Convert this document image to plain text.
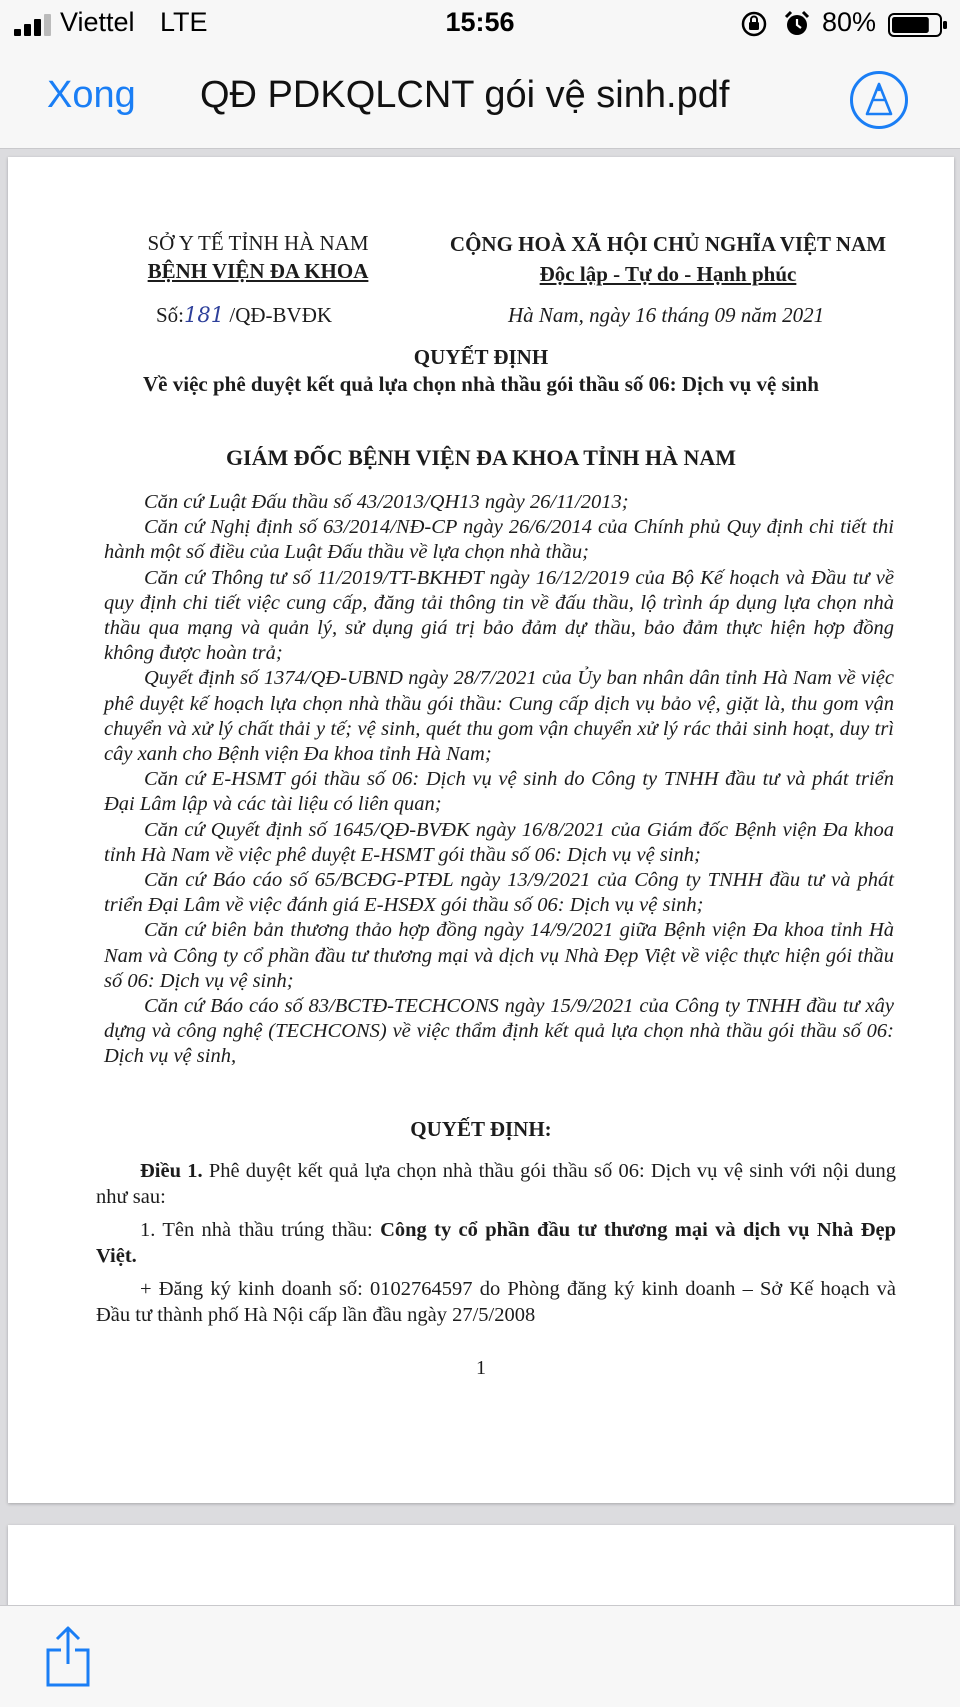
Viettel LTE	15:56	80%
Xong QĐ PDKQLCNT gói vệ sinh.pdf
SỞ Y TẾ TỈNH HÀ NAM
BỆNH VIỆN ĐA KHOA
CỘNG HOÀ XÃ HỘI CHỦ NGHĨA VIỆT NAM
Độc lập - Tự do - Hạnh phúc
Số:181 /QĐ-BVĐK	Hà Nam, ngày 16 tháng 09 năm 2021
QUYẾT ĐỊNH
Về việc phê duyệt kết quả lựa chọn nhà thầu gói thầu số 06: Dịch vụ vệ sinh
GIÁM ĐỐC BỆNH VIỆN ĐA KHOA TỈNH HÀ NAM

Căn cứ Luật Đấu thầu số 43/2013/QH13 ngày 26/11/2013;

Căn cứ Nghị định số 63/2014/NĐ-CP ngày 26/6/2014 của Chính phủ Quy định chi tiết thi hành một số điều của Luật Đấu thầu về lựa chọn nhà thầu;

Căn cứ Thông tư số 11/2019/TT-BKHĐT ngày 16/12/2019 của Bộ Kế hoạch và Đầu tư về quy định chi tiết việc cung cấp, đăng tải thông tin về đấu thầu, lộ trình áp dụng lựa chọn nhà thầu qua mạng và quản lý, sử dụng giá trị bảo đảm dự thầu, bảo đảm thực hiện hợp đồng không được hoàn trả;

Quyết định số 1374/QĐ-UBND ngày 28/7/2021 của Ủy ban nhân dân tỉnh Hà Nam về việc phê duyệt kế hoạch lựa chọn nhà thầu gói thầu: Cung cấp dịch vụ bảo vệ, giặt là, thu gom vận chuyển và xử lý chất thải y tế; vệ sinh, quét thu gom vận chuyển xử lý rác thải sinh hoạt, duy trì cây xanh cho Bệnh viện Đa khoa tỉnh Hà Nam;

Căn cứ E-HSMT gói thầu số 06: Dịch vụ vệ sinh do Công ty TNHH đầu tư và phát triển Đại Lâm lập và các tài liệu có liên quan;

Căn cứ Quyết định số 1645/QĐ-BVĐK ngày 16/8/2021 của Giám đốc Bệnh viện Đa khoa tỉnh Hà Nam về việc phê duyệt E-HSMT gói thầu số 06: Dịch vụ vệ sinh;

Căn cứ Báo cáo số 65/BCĐG-PTĐL ngày 13/9/2021 của Công ty TNHH đầu tư và phát triển Đại Lâm về việc đánh giá E-HSĐX gói thầu số 06: Dịch vụ vệ sinh;

Căn cứ biên bản thương thảo hợp đồng ngày 14/9/2021 giữa Bệnh viện Đa khoa tỉnh Hà Nam và Công ty cổ phần đầu tư thương mại và dịch vụ Nhà Đẹp Việt về việc thực hiện gói thầu số 06: Dịch vụ vệ sinh;

Căn cứ Báo cáo số 83/BCTĐ-TECHCONS ngày 15/9/2021 của Công ty TNHH đầu tư xây dựng và công nghệ (TECHCONS) về việc thẩm định kết quả lựa chọn nhà thầu gói thầu số 06: Dịch vụ vệ sinh,

QUYẾT ĐỊNH:

Điều 1. Phê duyệt kết quả lựa chọn nhà thầu gói thầu số 06: Dịch vụ vệ sinh với nội dung như sau:

1. Tên nhà thầu trúng thầu: Công ty cổ phần đầu tư thương mại và dịch vụ Nhà Đẹp Việt.

+ Đăng ký kinh doanh số: 0102764597 do Phòng đăng ký kinh doanh – Sở Kế hoạch và Đầu tư thành phố Hà Nội cấp lần đầu ngày 27/5/2008

1
